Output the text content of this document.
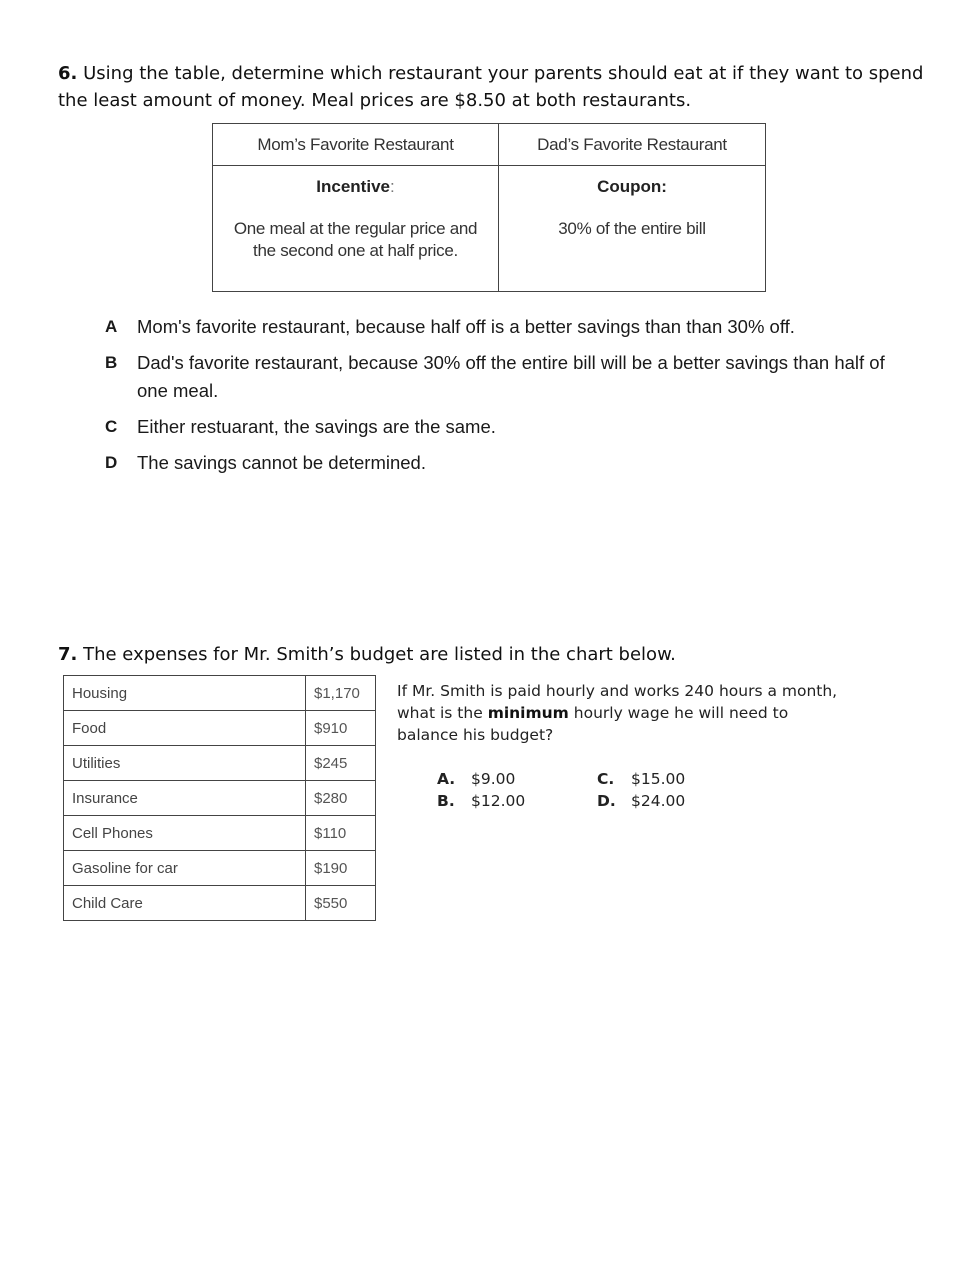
6. Using the table, determine which restaurant your parents should eat at if they want to spend the least amount of money. Meal prices are $8.50 at both restaurants.

Mom’s Favorite Restaurant	Dad’s Favorite Restaurant

Incentive:
One meal at the regular price and the second one at half price.

Coupon:
30% of the entire bill
A	Mom's favorite restaurant, because half off is a better savings than than 30% off.
B	Dad's favorite restaurant, because 30% off the entire bill will be a better savings than half of one meal.
C	Either restuarant, the savings are the same.
D	The savings cannot be determined.

7. The expenses for Mr. Smith’s budget are listed in the chart below.

Housing	$1,170
Food	$910
Utilities	$245
Insurance	$280
Cell Phones	$110
Gasoline for car	$190
Child Care	$550
If Mr. Smith is paid hourly and works 240 hours a month, what is the minimum hourly wage he will need to balance his budget?
A. $9.00
B. $12.00
C. $15.00
D. $24.00
